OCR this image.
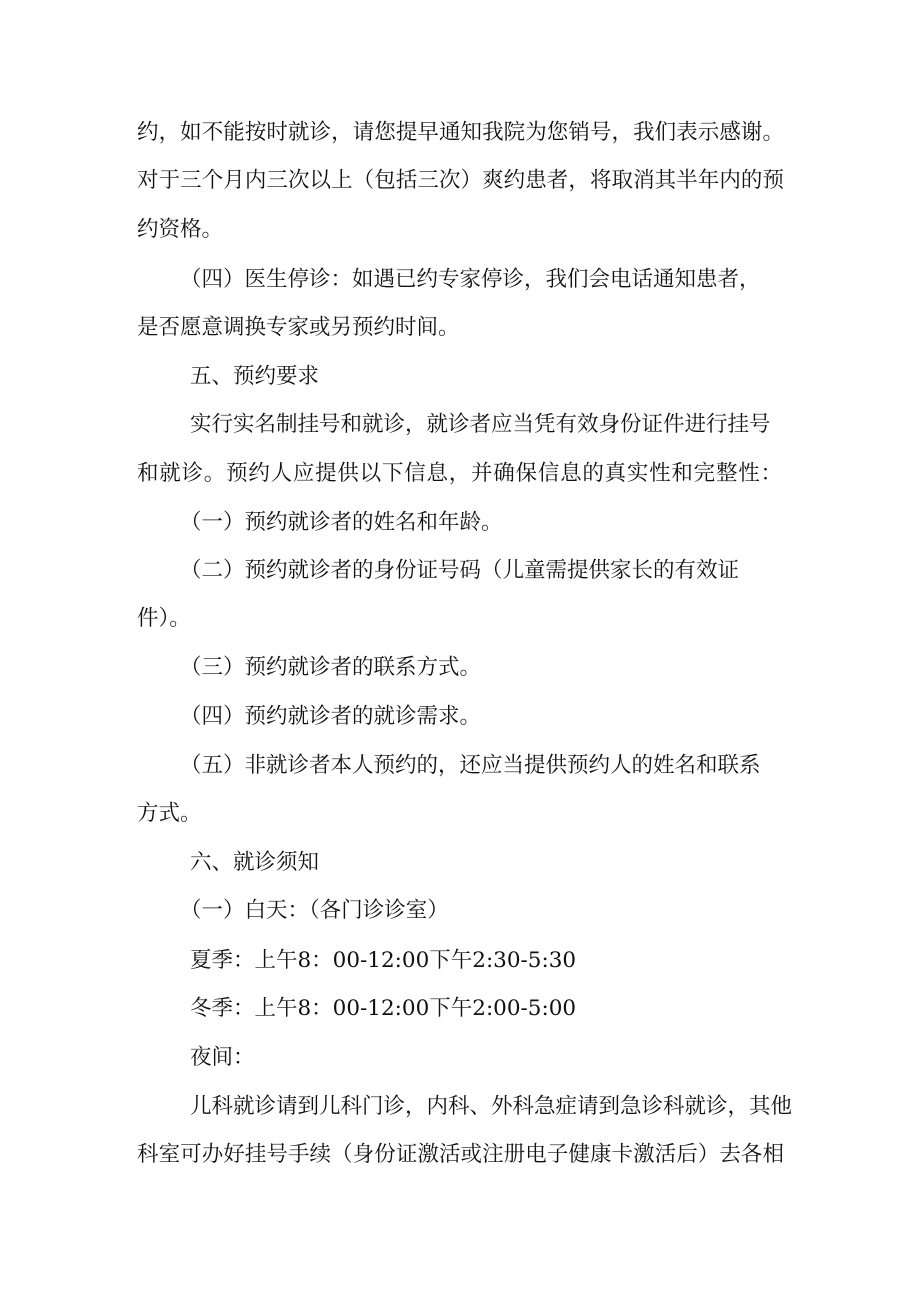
约，如不能按时就诊，请您提早通知我院为您销号，我们表示感谢。
对于三个月内三次以上（包括三次）爽约患者，将取消其半年内的预
约资格。
（四）医生停诊：如遇已约专家停诊，我们会电话通知患者，
是否愿意调换专家或另预约时间。
五、预约要求
实行实名制挂号和就诊，就诊者应当凭有效身份证件进行挂号
和就诊。预约人应提供以下信息，并确保信息的真实性和完整性：
（一）预约就诊者的姓名和年龄。
（二）预约就诊者的身份证号码（儿童需提供家长的有效证
件）。
（三）预约就诊者的联系方式。
（四）预约就诊者的就诊需求。
（五）非就诊者本人预约的，还应当提供预约人的姓名和联系
方式。
六、就诊须知
（一）白天：（各门诊诊室）
夏季：上午8：00-12:00下午2:30-5:30
冬季：上午8：00-12:00下午2:00-5:00
夜间：
儿科就诊请到儿科门诊，内科、外科急症请到急诊科就诊，其他
科室可办好挂号手续（身份证激活或注册电子健康卡激活后）去各相
